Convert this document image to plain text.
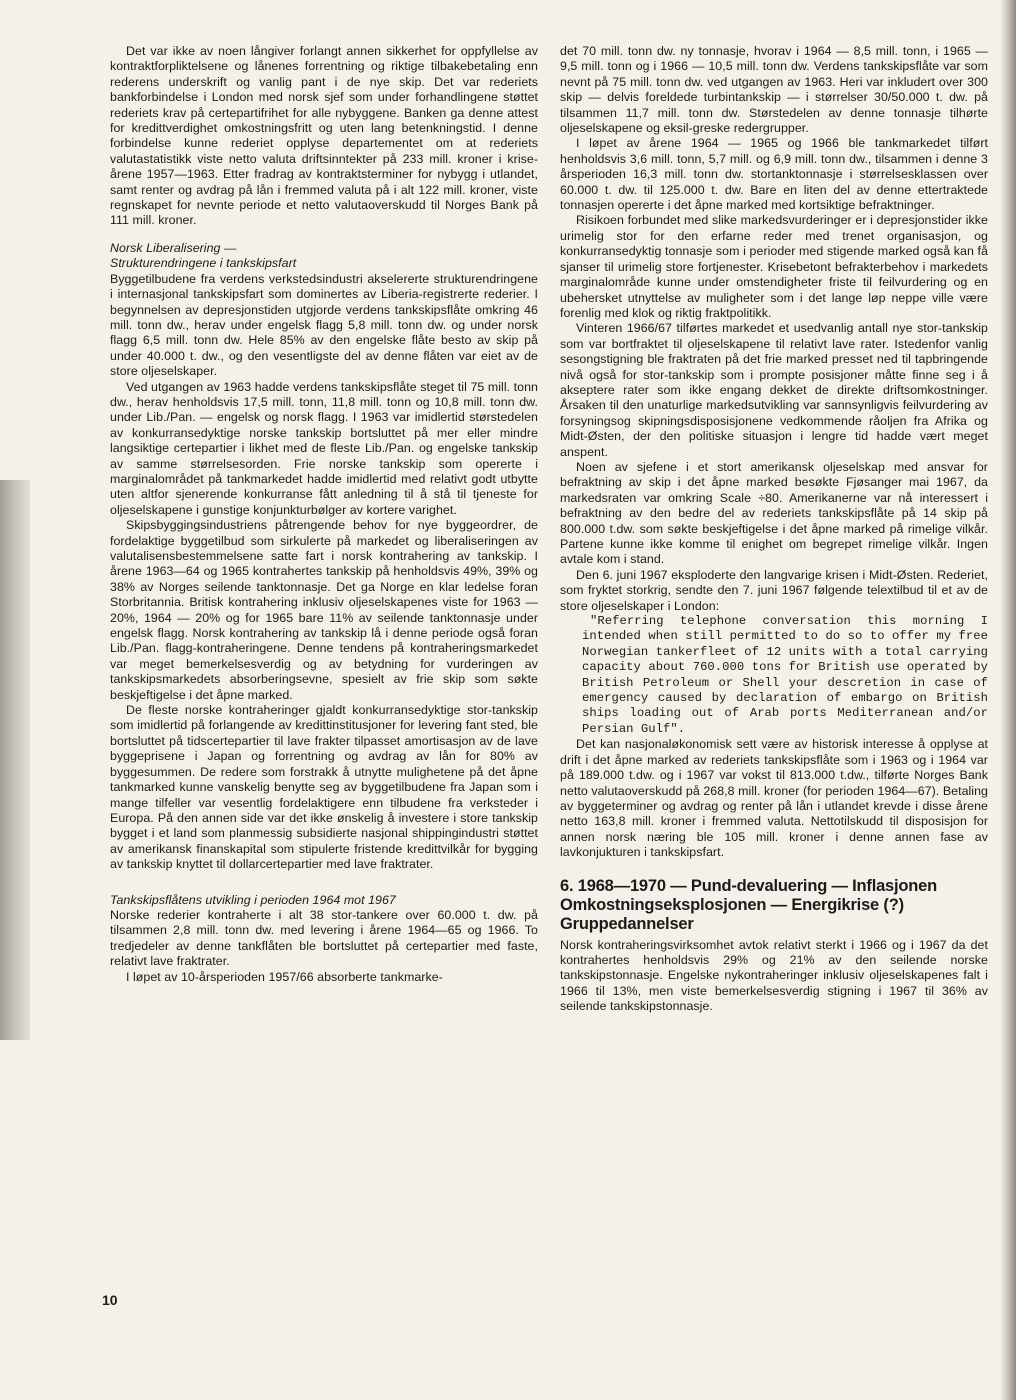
Det var ikke av noen långiver forlangt annen sikkerhet for oppfyllelse av kontraktforpliktelsene og lånenes forrentning og riktige tilbakebetaling enn rederens underskrift og vanlig pant i de nye skip. Det var rederiets bankforbindelse i London med norsk sjef som under forhandlingene støttet rederiets krav på certepartifrihet for alle nybyggene. Banken ga denne attest for kredittverdighet omkostningsfritt og uten lang betenkningstid. I denne forbindelse kunne rederiet opplyse departementet om at rederiets valutastatistikk viste netto valuta driftsinntekter på 233 mill. kroner i krise-årene 1957—1963. Etter fradrag av kontraktsterminer for nybygg i utlandet, samt renter og avdrag på lån i fremmed valuta på i alt 122 mill. kroner, viste regnskapet for nevnte periode et netto valutaoverskudd til Norges Bank på 111 mill. kroner.

Norsk Liberalisering —
Strukturendringene i tankskipsfart

Byggetilbudene fra verdens verkstedsindustri akselererte strukturendringene i internasjonal tankskipsfart som dominertes av Liberia-registrerte rederier. I begynnelsen av depresjonstiden utgjorde verdens tankskipsflåte omkring 46 mill. tonn dw., herav under engelsk flagg 5,8 mill. tonn dw. og under norsk flagg 6,5 mill. tonn dw. Hele 85% av den engelske flåte besto av skip på under 40.000 t. dw., og den vesentligste del av denne flåten var eiet av de store oljeselskaper.

Ved utgangen av 1963 hadde verdens tankskipsflåte steget til 75 mill. tonn dw., herav henholdsvis 17,5 mill. tonn, 11,8 mill. tonn og 10,8 mill. tonn dw. under Lib./Pan. — engelsk og norsk flagg. I 1963 var imidlertid størstedelen av konkurransedyktige norske tankskip bortsluttet på mer eller mindre langsiktige certepartier i likhet med de fleste Lib./Pan. og engelske tankskip av samme størrelsesorden. Frie norske tankskip som opererte i marginalområdet på tankmarkedet hadde imidlertid med relativt godt utbytte uten altfor sjenerende konkurranse fått anledning til å stå til tjeneste for oljeselskapene i gunstige konjunkturbølger av kortere varighet.

Skipsbyggingsindustriens påtrengende behov for nye byggeordrer, de fordelaktige byggetilbud som sirkulerte på markedet og liberaliseringen av valutalisensbestemmelsene satte fart i norsk kontrahering av tankskip. I årene 1963—64 og 1965 kontrahertes tankskip på henholdsvis 49%, 39% og 38% av Norges seilende tanktonnasje. Det ga Norge en klar ledelse foran Storbritannia. Britisk kontrahering inklusiv oljeselskapenes viste for 1963 — 20%, 1964 — 20% og for 1965 bare 11% av seilende tanktonnasje under engelsk flagg. Norsk kontrahering av tankskip lå i denne periode også foran Lib./Pan. flagg-kontraheringene. Denne tendens på kontraheringsmarkedet var meget bemerkelsesverdig og av betydning for vurderingen av tankskipsmarkedets absorberingsevne, spesielt av frie skip som søkte beskjeftigelse i det åpne marked.

De fleste norske kontraheringer gjaldt konkurransedyktige stor-tankskip som imidlertid på forlangende av kredittinstitusjoner for levering fant sted, ble bortsluttet på tidscertepartier til lave frakter tilpasset amortisasjon av de lave byggeprisene i Japan og forrentning og avdrag av lån for 80% av byggesummen. De redere som forstrakk å utnytte mulighetene på det åpne tankmarked kunne vanskelig benytte seg av byggetilbudene fra Japan som i mange tilfeller var vesentlig fordelaktigere enn tilbudene fra verksteder i Europa. På den annen side var det ikke ønskelig å investere i store tankskip bygget i et land som planmessig subsidierte nasjonal shippingindustri støttet av amerikansk finanskapital som stipulerte fristende kredittvilkår for bygging av tankskip knyttet til dollarcertepartier med lave fraktrater.

Tankskipsflåtens utvikling i perioden 1964 mot 1967

Norske rederier kontraherte i alt 38 stor-tankere over 60.000 t. dw. på tilsammen 2,8 mill. tonn dw. med levering i årene 1964—65 og 1966. To tredjedeler av denne tankflåten ble bortsluttet på certepartier med faste, relativt lave fraktrater.

I løpet av 10-årsperioden 1957/66 absorberte tankmarke-

det 70 mill. tonn dw. ny tonnasje, hvorav i 1964 — 8,5 mill. tonn, i 1965 — 9,5 mill. tonn og i 1966 — 10,5 mill. tonn dw. Verdens tankskipsflåte var som nevnt på 75 mill. tonn dw. ved utgangen av 1963. Heri var inkludert over 300 skip — delvis foreldede turbintankskip — i størrelser 30/50.000 t. dw. på tilsammen 11,7 mill. tonn dw. Størstedelen av denne tonnasje tilhørte oljeselskapene og eksil-greske redergrupper.

I løpet av årene 1964 — 1965 og 1966 ble tankmarkedet tilført henholdsvis 3,6 mill. tonn, 5,7 mill. og 6,9 mill. tonn dw., tilsammen i denne 3 årsperioden 16,3 mill. tonn dw. stortanktonnasje i størrelsesklassen over 60.000 t. dw. til 125.000 t. dw. Bare en liten del av denne ettertraktede tonnasjen opererte i det åpne marked med kortsiktige befraktninger.

Risikoen forbundet med slike markedsvurderinger er i depresjonstider ikke urimelig stor for den erfarne reder med trenet organisasjon, og konkurransedyktig tonnasje som i perioder med stigende marked også kan få sjanser til urimelig store fortjenester. Krisebetont befrakterbehov i markedets marginalområde kunne under omstendigheter friste til feilvurdering og en ubehersket utnyttelse av muligheter som i det lange løp neppe ville være forenlig med klok og riktig fraktpolitikk.

Vinteren 1966/67 tilførtes markedet et usedvanlig antall nye stor-tankskip som var bortfraktet til oljeselskapene til relativt lave rater. Istedenfor vanlig sesongstigning ble fraktraten på det frie marked presset ned til tapbringende nivå også for stor-tankskip som i prompte posisjoner måtte finne seg i å akseptere rater som ikke engang dekket de direkte driftsomkostninger. Årsaken til den unaturlige markedsutvikling var sannsynligvis feilvurdering av forsyningsog skipningsdisposisjonene vedkommende råoljen fra Afrika og Midt-Østen, der den politiske situasjon i lengre tid hadde vært meget anspent.

Noen av sjefene i et stort amerikansk oljeselskap med ansvar for befraktning av skip i det åpne marked besøkte Fjøsanger mai 1967, da markedsraten var omkring Scale ÷80. Amerikanerne var nå interessert i befraktning av den bedre del av rederiets tankskipsflåte på 14 skip på 800.000 t.dw. som søkte beskjeftigelse i det åpne marked på rimelige vilkår. Partene kunne ikke komme til enighet om begrepet rimelige vilkår. Ingen avtale kom i stand.

Den 6. juni 1967 eksploderte den langvarige krisen i Midt-Østen. Rederiet, som fryktet storkrig, sendte den 7. juni 1967 følgende telextilbud til et av de store oljeselskaper i London:

"Referring telephone conversation this morning I intended when still permitted to do so to offer my free Norwegian tankerfleet of 12 units with a total carrying capacity about 760.000 tons for British use operated by British Petroleum or Shell your descretion in case of emergency caused by declaration of embargo on British ships loading out of Arab ports Mediterranean and/or Persian Gulf".

Det kan nasjonaløkonomisk sett være av historisk interesse å opplyse at drift i det åpne marked av rederiets tankskipsflåte som i 1963 og i 1964 var på 189.000 t.dw. og i 1967 var vokst til 813.000 t.dw., tilførte Norges Bank netto valutaoverskudd på 268,8 mill. kroner (for perioden 1964—67). Betaling av byggeterminer og avdrag og renter på lån i utlandet krevde i disse årene netto 163,8 mill. kroner i fremmed valuta. Nettotilskudd til disposisjon for annen norsk næring ble 105 mill. kroner i denne annen fase av lavkonjukturen i tankskipsfart.

6. 1968—1970 — Pund-devaluering — Inflasjonen Omkostningseksplosjonen — Energikrise (?) Gruppedannelser

Norsk kontraheringsvirksomhet avtok relativt sterkt i 1966 og i 1967 da det kontrahertes henholdsvis 29% og 21% av den seilende norske tankskipstonnasje. Engelske nykontraheringer inklusiv oljeselskapenes falt i 1966 til 13%, men viste bemerkelsesverdig stigning i 1967 til 36% av seilende tankskipstonnasje.

10
